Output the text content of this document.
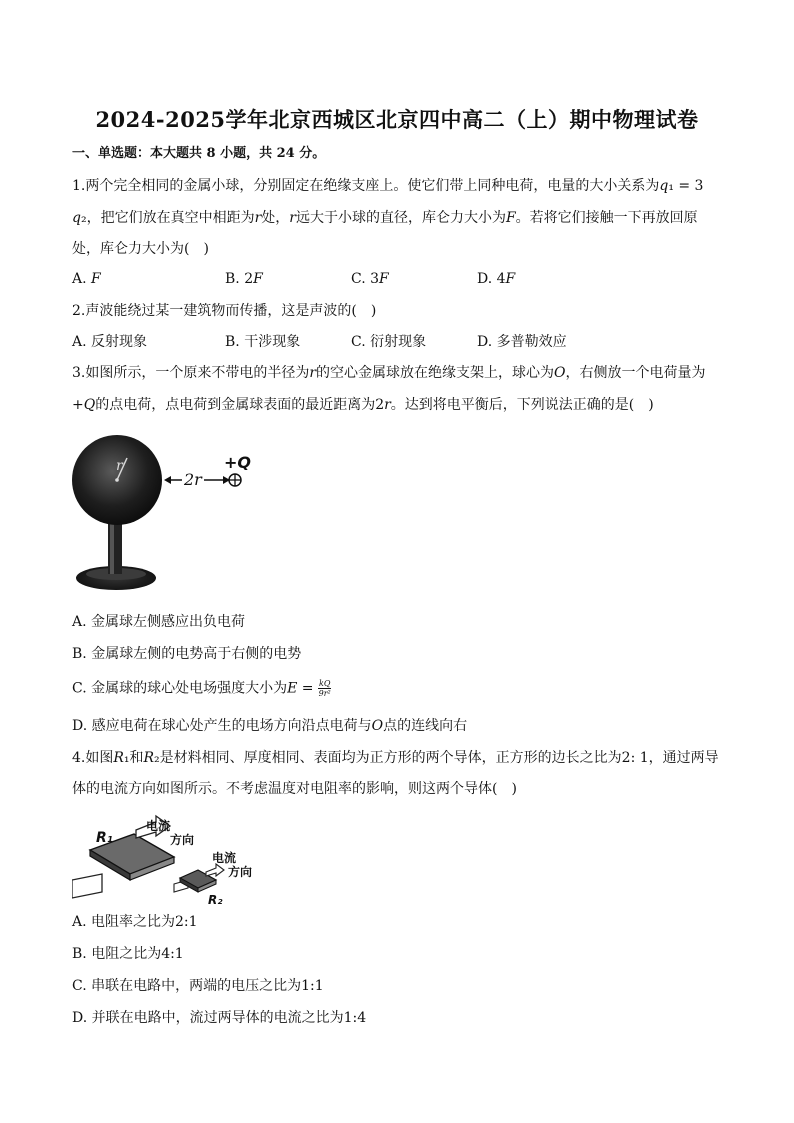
2024-2025学年北京西城区北京四中高二（上）期中物理试卷
一、单选题：本大题共 8 小题，共 24 分。
1.两个完全相同的金属小球，分别固定在绝缘支座上。使它们带上同种电荷，电量的大小关系为𝑞₁ = 3
𝑞₂，把它们放在真空中相距为𝑟处，𝑟远大于小球的直径，库仑力大小为𝐹。若将它们接触一下再放回原
处，库仑力大小为(　)
A. 𝐹	B. 2𝐹	C. 3𝐹	D. 4𝐹
2.声波能绕过某一建筑物而传播，这是声波的(　)
A. 反射现象	B. 干涉现象	C. 衍射现象	D. 多普勒效应
3.如图所示，一个原来不带电的半径为𝑟的空心金属球放在绝缘支架上，球心为𝑂，右侧放一个电荷量为
+𝑄的点电荷，点电荷到金属球表面的最近距离为2𝑟。达到将电平衡后，下列说法正确的是(　)
r
2r
+Q
A. 金属球左侧感应出负电荷
B. 金属球左侧的电势高于右侧的电势
C. 金属球的球心处电场强度大小为𝐸 = $\frac{kQ}{\text{9r²}}$
D. 感应电荷在球心处产生的电场方向沿点电荷与𝑂点的连线向右
4.如图𝑅₁和𝑅₂是材料相同、厚度相同、表面均为正方形的两个导体，正方形的边长之比为2: 1，通过两导
体的电流方向如图所示。不考虑温度对电阻率的影响，则这两个导体(　)
R₁
电流
方向
电流
方向
R₂
A. 电阻率之比为2:1
B. 电阻之比为4:1
C. 串联在电路中，两端的电压之比为1:1
D. 并联在电路中，流过两导体的电流之比为1:4
